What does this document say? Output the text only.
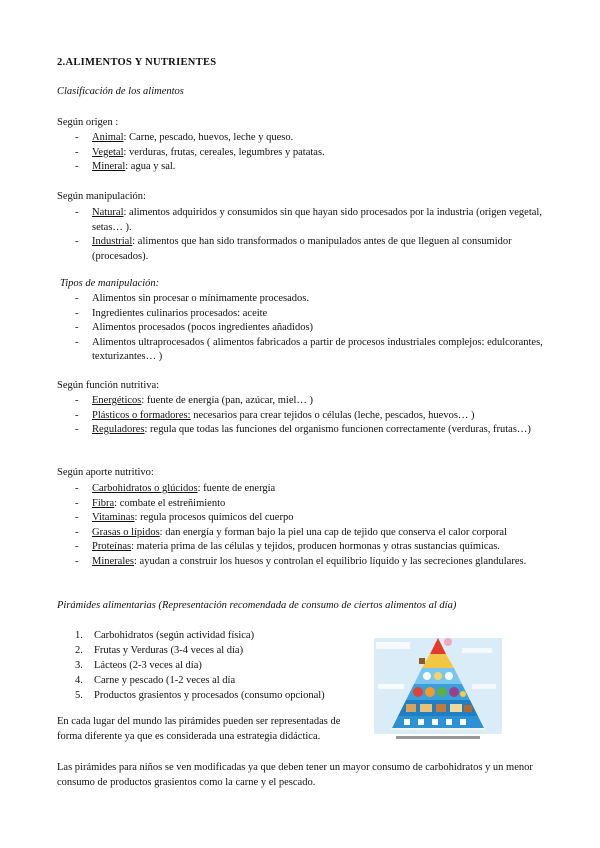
2.ALIMENTOS Y NUTRIENTES
Clasificación de los alimentos
Según origen :
- Animal: Carne, pescado, huevos, leche y queso.
- Vegetal: verduras, frutas, cereales, legumbres y patatas.
- Mineral: agua y sal.
Según manipulación:
- Natural: alimentos adquiridos y consumidos sin que hayan sido procesados por la industria (origen vegetal, setas… ).
- Industrial: alimentos que han sido transformados o manipulados antes de que lleguen al consumidor (procesados).
Tipos de manipulación:
- Alimentos sin procesar o mínimamente procesados.
- Ingredientes culinarios procesados: aceite
- Alimentos procesados (pocos ingredientes añadidos)
- Alimentos ultraprocesados ( alimentos fabricados a partir de procesos industriales complejos: edulcorantes, texturizantes… )
Según función nutritiva:
- Energéticos: fuente de energía (pan, azúcar, miel… )
- Plásticos o formadores: necesarios para crear tejidos o células (leche, pescados, huevos… )
- Reguladores: regula que todas las funciones del organismo funcionen correctamente (verduras, frutas…)
Según aporte nutritivo:
- Carbohidratos o glúcidos: fuente de energía
- Fibra: combate el estreñimiento
- Vitaminas: regula procesos químicos del cuerpo
- Grasas o lípidos: dan energía y forman bajo la piel una cap de tejido que conserva el calor corporal
- Proteínas: materia prima de las células y tejidos, producen hormonas y otras sustancias químicas.
- Minerales: ayudan a construir los huesos y controlan el equilibrio líquido y las secreciones glandulares.
Pirámides alimentarias (Representación recomendada de consumo de ciertos alimentos al día)
1. Carbohidratos (según actividad física)
2. Frutas y Verduras (3-4 veces al día)
3. Lácteos (2-3 veces al día)
4. Carne y pescado (1-2 veces al día
5. Productos grasientos y procesados (consumo opcional)
En cada lugar del mundo las pirámides pueden ser representadas de forma diferente ya que es considerada una estrategia didáctica.
Las pirámides para niños se ven modificadas ya que deben tener un mayor consumo de carbohidratos y un menor consumo de productos grasientos como la carne y el pescado.
